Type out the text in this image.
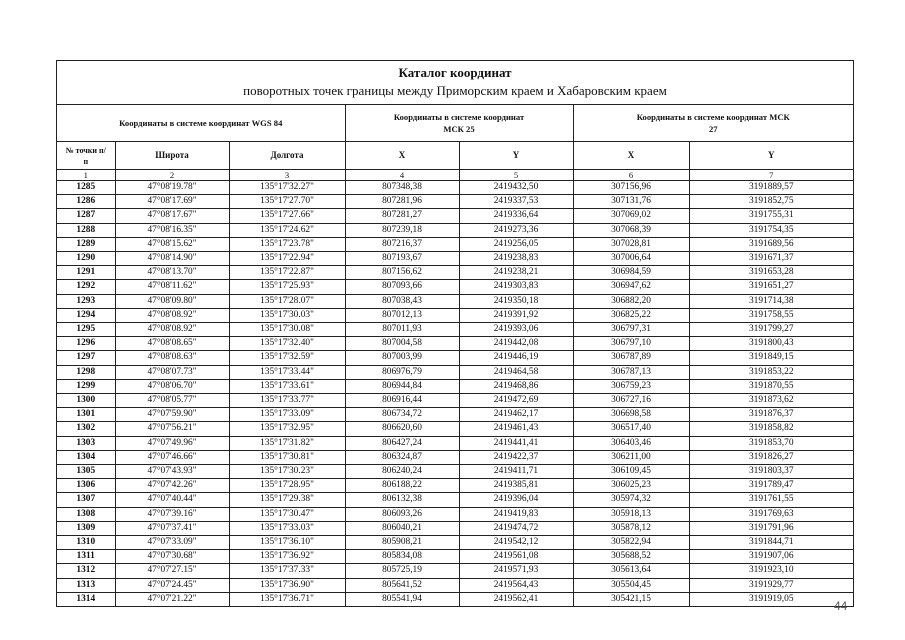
Каталог координат
поворотных точек границы между Приморским краем и Хабаровским краем
Координаты в системе координат WGS 84			Координаты в системе координат МСК 25		Координаты в системе координат МСК 27	
№ точки п/п	Широта	Долгота	X	Y	X	Y
1	2	3	4	5	6	7
1285	47°08'19.78"	135°17'32.27"	807348,38	2419432,50	307156,96	3191889,57
1286	47°08'17.69"	135°17'27.70"	807281,96	2419337,53	307131,76	3191852,75
1287	47°08'17.67"	135°17'27.66"	807281,27	2419336,64	307069,02	3191755,31
1288	47°08'16.35"	135°17'24.62"	807239,18	2419273,36	307068,39	3191754,35
1289	47°08'15.62"	135°17'23.78"	807216,37	2419256,05	307028,81	3191689,56
1290	47°08'14.90"	135°17'22.94"	807193,67	2419238,83	307006,64	3191671,37
1291	47°08'13.70"	135°17'22.87"	807156,62	2419238,21	306984,59	3191653,28
1292	47°08'11.62"	135°17'25.93"	807093,66	2419303,83	306947,62	3191651,27
1293	47°08'09.80"	135°17'28.07"	807038,43	2419350,18	306882,20	3191714,38
1294	47°08'08.92"	135°17'30.03"	807012,13	2419391,92	306825,22	3191758,55
1295	47°08'08.92"	135°17'30.08"	807011,93	2419393,06	306797,31	3191799,27
1296	47°08'08.65"	135°17'32.40"	807004,58	2419442,08	306797,10	3191800,43
1297	47°08'08.63"	135°17'32.59"	807003,99	2419446,19	306787,89	3191849,15
1298	47°08'07.73"	135°17'33.44"	806976,79	2419464,58	306787,13	3191853,22
1299	47°08'06.70"	135°17'33.61"	806944,84	2419468,86	306759,23	3191870,55
1300	47°08'05.77"	135°17'33.77"	806916,44	2419472,69	306727,16	3191873,62
1301	47°07'59.90"	135°17'33.09"	806734,72	2419462,17	306698,58	3191876,37
1302	47°07'56.21"	135°17'32.95"	806620,60	2419461,43	306517,40	3191858,82
1303	47°07'49.96"	135°17'31.82"	806427,24	2419441,41	306403,46	3191853,70
1304	47°07'46.66"	135°17'30.81"	806324,87	2419422,37	306211,00	3191826,27
1305	47°07'43.93"	135°17'30.23"	806240,24	2419411,71	306109,45	3191803,37
1306	47°07'42.26"	135°17'28.95"	806188,22	2419385,81	306025,23	3191789,47
1307	47°07'40.44"	135°17'29.38"	806132,38	2419396,04	305974,32	3191761,55
1308	47°07'39.16"	135°17'30.47"	806093,26	2419419,83	305918,13	3191769,63
1309	47°07'37.41"	135°17'33.03"	806040,21	2419474,72	305878,12	3191791,96
1310	47°07'33.09"	135°17'36.10"	805908,21	2419542,12	305822,94	3191844,71
1311	47°07'30.68"	135°17'36.92"	805834,08	2419561,08	305688,52	3191907,06
1312	47°07'27.15"	135°17'37.33"	805725,19	2419571,93	305613,64	3191923,10
1313	47°07'24.45"	135°17'36.90"	805641,52	2419564,43	305504,45	3191929,77
1314	47°07'21.22"	135°17'36.71"	805541,94	2419562,41	305421,15	3191919,05
44
